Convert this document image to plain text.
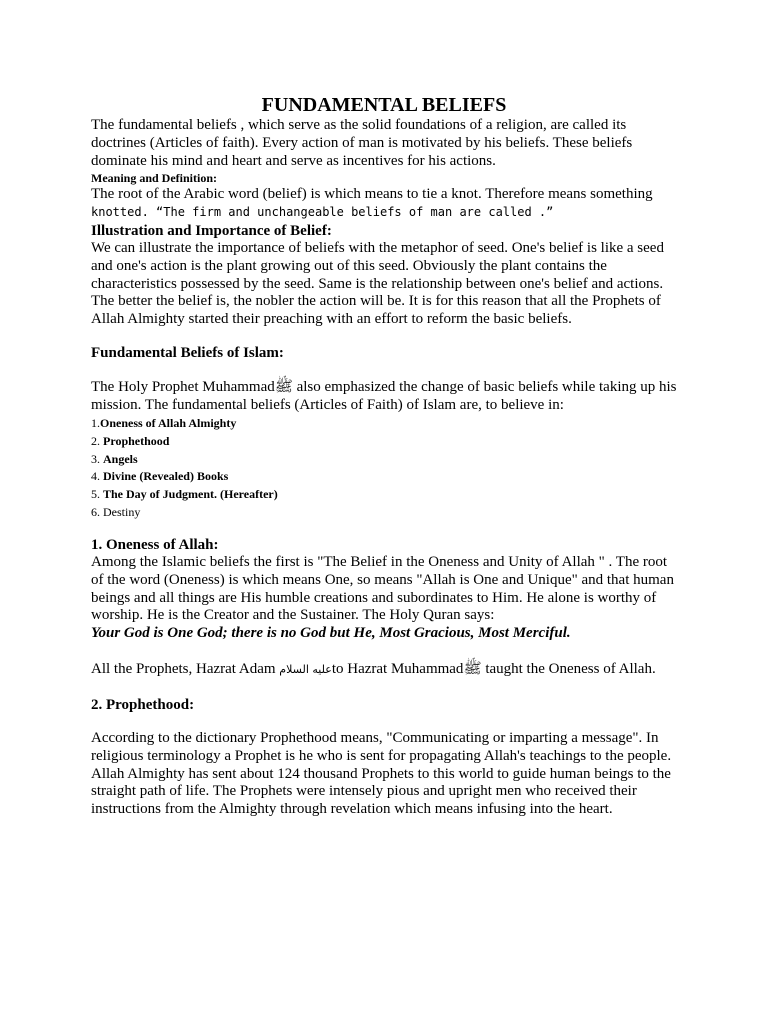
FUNDAMENTAL BELIEFS

The fundamental beliefs , which serve as the solid foundations of a religion, are called its
doctrines (Articles of faith). Every action of man is motivated by his beliefs. These beliefs
dominate his mind and heart and serve as incentives for his actions.

Meaning and Definition:

The root of the Arabic word (belief) is which means to tie a knot. Therefore means something
knotted. “The firm and unchangeable beliefs of man are called .”

Illustration and Importance of Belief:

We can illustrate the importance of beliefs with the metaphor of seed. One's belief is like a seed
and one's action is the plant growing out of this seed. Obviously the plant contains the
characteristics possessed by the seed. Same is the relationship between one's belief and actions.
The better the belief is, the nobler the action will be. It is for this reason that all the Prophets of
Allah Almighty started their preaching with an effort to reform the basic beliefs.

Fundamental Beliefs of Islam:

The Holy Prophet Muhammadﷺ also emphasized the change of basic beliefs while taking up his
mission. The fundamental beliefs (Articles of Faith) of Islam are, to believe in:

1.Oneness of Allah Almighty
2. Prophethood
3. Angels
4. Divine (Revealed) Books
5. The Day of Judgment. (Hereafter)
6. Destiny

1. Oneness of Allah:

Among the Islamic beliefs the first is "The Belief in the Oneness and Unity of Allah " . The root
of the word (Oneness) is which means One, so means "Allah is One and Unique" and that human
beings and all things are His humble creations and subordinates to Him. He alone is worthy of
worship. He is the Creator and the Sustainer. The Holy Quran says:
Your God is One God; there is no God but He, Most Gracious, Most Merciful.

All the Prophets, Hazrat Adam عليه السلامto Hazrat Muhammadﷺ taught the Oneness of Allah.

2. Prophethood:

According to the dictionary Prophethood means, "Communicating or imparting a message". In
religious terminology a Prophet is he who is sent for propagating Allah's teachings to the people.
Allah Almighty has sent about 124 thousand Prophets to this world to guide human beings to the
straight path of life. The Prophets were intensely pious and upright men who received their
instructions from the Almighty through revelation which means infusing into the heart.
